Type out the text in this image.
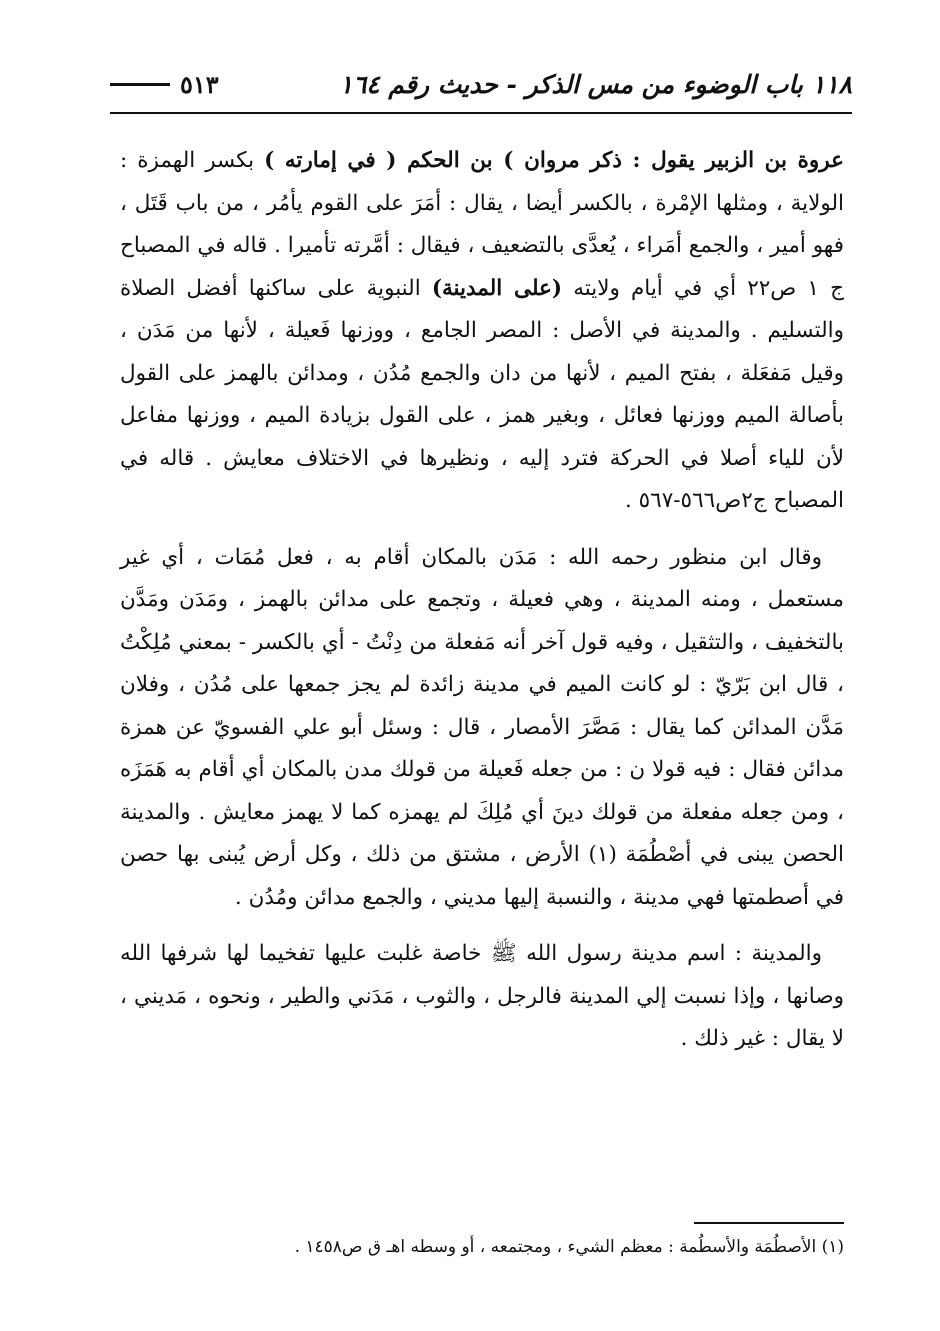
١١٨ باب الوضوء من مس الذكر - حديث رقم ١٦٤
٥١٣

عروة بن الزبير يقول : ذكر مروان ) بن الحكم ( في إمارته ) بكسر الهمزة : الولاية ، ومثلها الإمْرة ، بالكسر أيضا ، يقال : أمَرَ على القوم يأمُر ، من باب قَتَل ، فهو أمير ، والجمع أمَراء ، يُعدَّى بالتضعيف ، فيقال : أمَّرته تأميرا . قاله في المصباح ج ١ ص٢٢ أي في أيام ولايته (على المدينة) النبوية على ساكنها أفضل الصلاة والتسليم . والمدينة في الأصل : المصر الجامع ، ووزنها فَعيلة ، لأنها من مَدَن ، وقيل مَفعَلة ، بفتح الميم ، لأنها من دان والجمع مُدُن ، ومدائن بالهمز على القول بأصالة الميم ووزنها فعائل ، وبغير همز ، على القول بزيادة الميم ، ووزنها مفاعل لأن للياء أصلا في الحركة فترد إليه ، ونظيرها في الاختلاف معايش . قاله في المصباح ج٢ص٥٦٦-٥٦٧ .

وقال ابن منظور رحمه الله : مَدَن بالمكان أقام به ، فعل مُمَات ، أي غير مستعمل ، ومنه المدينة ، وهي فعيلة ، وتجمع على مدائن بالهمز ، ومَدَن ومَدَّن بالتخفيف ، والتثقيل ، وفيه قول آخر أنه مَفعلة من دِنْتُ - أي بالكسر - بمعني مُلِكْتُ ، قال ابن بَرّيّ : لو كانت الميم في مدينة زائدة لم يجز جمعها على مُدُن ، وفلان مَدَّن المدائن كما يقال : مَصَّرَ الأمصار ، قال : وسئل أبو علي الفسويّ عن همزة مدائن فقال : فيه قولا ن : من جعله فَعيلة من قولك مدن بالمكان أي أقام به هَمَزَه ، ومن جعله مفعلة من قولك دينَ أي مُلِكَ لم يهمزه كما لا يهمز معايش . والمدينة الحصن يبنى في أصْطُمَة (١) الأرض ، مشتق من ذلك ، وكل أرض يُبنى بها حصن في أصطمتها فهي مدينة ، والنسبة إليها مديني ، والجمع مدائن ومُدُن .

والمدينة : اسم مدينة رسول الله ﷺ خاصة غلبت عليها تفخيما لها شرفها الله وصانها ، وإذا نسبت إلي المدينة فالرجل ، والثوب ، مَدَني والطير ، ونحوه ، مَديني ، لا يقال : غير ذلك .

(١) الأصطُمَة والأسطُمة : معظم الشيء ، ومجتمعه ، أو وسطه اهـ ق ص١٤٥٨ .
